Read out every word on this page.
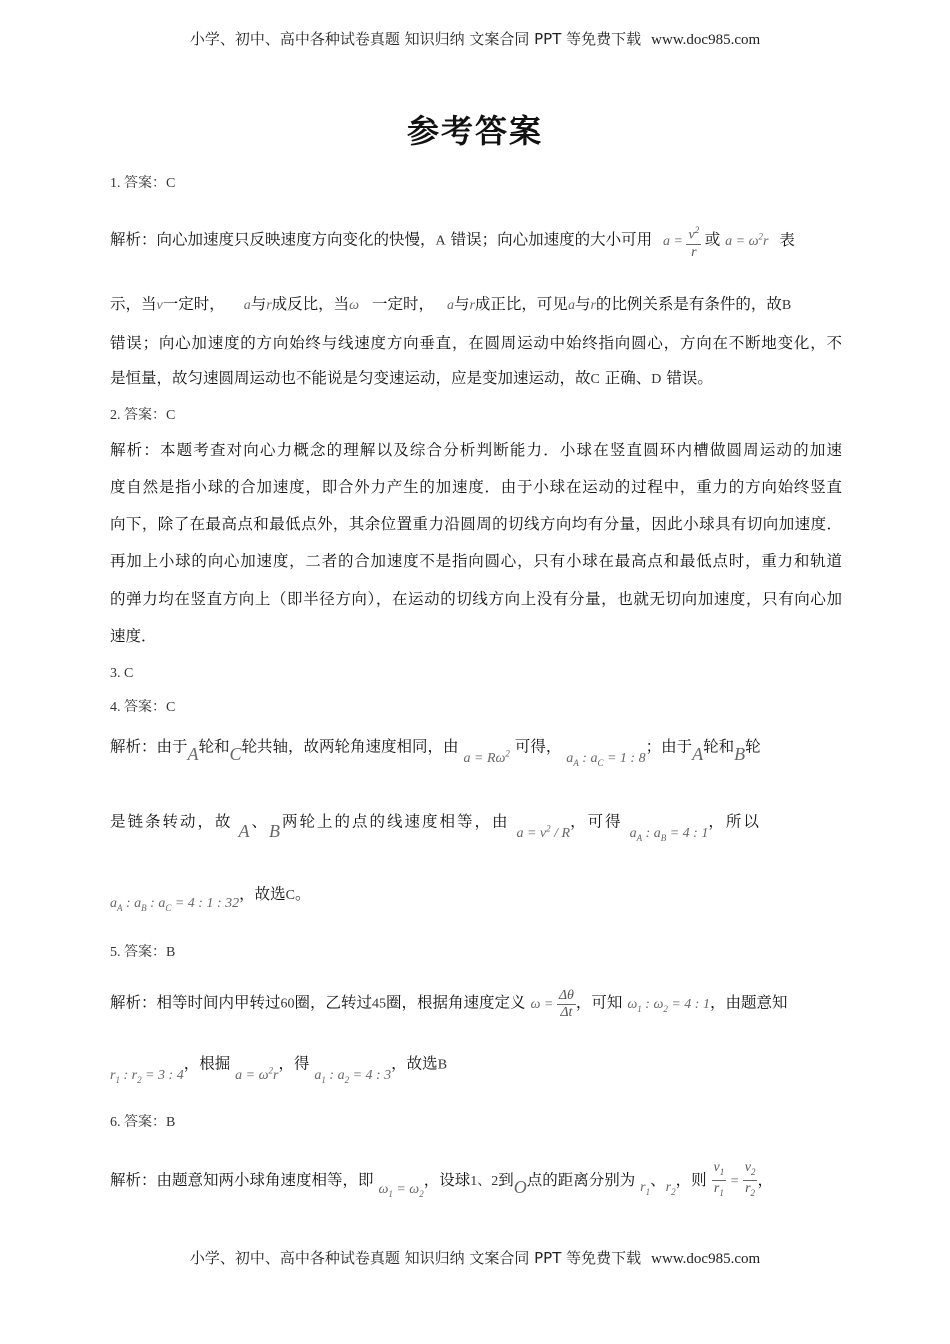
小学、初中、高中各种试卷真题 知识归纳 文案合同 PPT 等免费下载 www.doc985.com
参考答案
1. 答案：C
解析：向心加速度只反映速度方向变化的快慢，A 错误；向心加速度的大小可用 $a = \frac{v^2}{r}$ 或 $a = \omega^2r$ 表
示，当v一定时， a与r成反比，当ω 一定时， a与r成正比，可见a与r的比例关系是有条件的，故B
错误；向心加速度的方向始终与线速度方向垂直，在圆周运动中始终指向圆心，方向在不断地变化，不
是恒量，故匀速圆周运动也不能说是匀变速运动，应是变加速运动，故C 正确、D 错误。
2. 答案：C
解析：本题考查对向心力概念的理解以及综合分析判断能力．小球在竖直圆环内槽做圆周运动的加速
度自然是指小球的合加速度，即合外力产生的加速度．由于小球在运动的过程中，重力的方向始终竖直
向下，除了在最高点和最低点外，其余位置重力沿圆周的切线方向均有分量，因此小球具有切向加速度．
再加上小球的向心加速度，二者的合加速度不是指向圆心，只有小球在最高点和最低点时，重力和轨道
的弹力均在竖直方向上（即半径方向），在运动的切线方向上没有分量，也就无切向加速度，只有向心加
速度．
3. C
4. 答案：C
解析：由于A轮和C轮共轴，故两轮角速度相同，由 $a = R\omega^2$ 可得， $a_A$ : $a_C = 1$ : 8；由于A轮和B轮
是链条转动，故 A、B两轮上的点的线速度相等，由 $a = v^2 / R$，可得 $a_A$ : $a_B = 4$ : 1，所以
$a_A$ : $a_B$ : $a_C = 4$ : 1 : 32，故选C。
5. 答案：B
解析：相等时间内甲转过60圈，乙转过45圈，根据角速度定义 $\omega = \frac{\Delta\theta}{\Delta t}$ ，可知 $\omega_1$ : $\omega_2 = 4$ : 1，由题意知
$r_1$ : $r_2 = 3$ : 4，根掘 $a = \omega^2r$，得 $a_1$ : $a_2 = 4$ : 3，故选B
6. 答案：B
解析：由题意知两小球角速度相等，即 $\omega_1 = \omega_2$，设球1、2到O点的距离分别为 $r_1$、$r_2$，则 $\frac{v_1}{r_1} = \frac{v_2}{r_2}$ ，
小学、初中、高中各种试卷真题 知识归纳 文案合同 PPT 等免费下载 www.doc985.com
